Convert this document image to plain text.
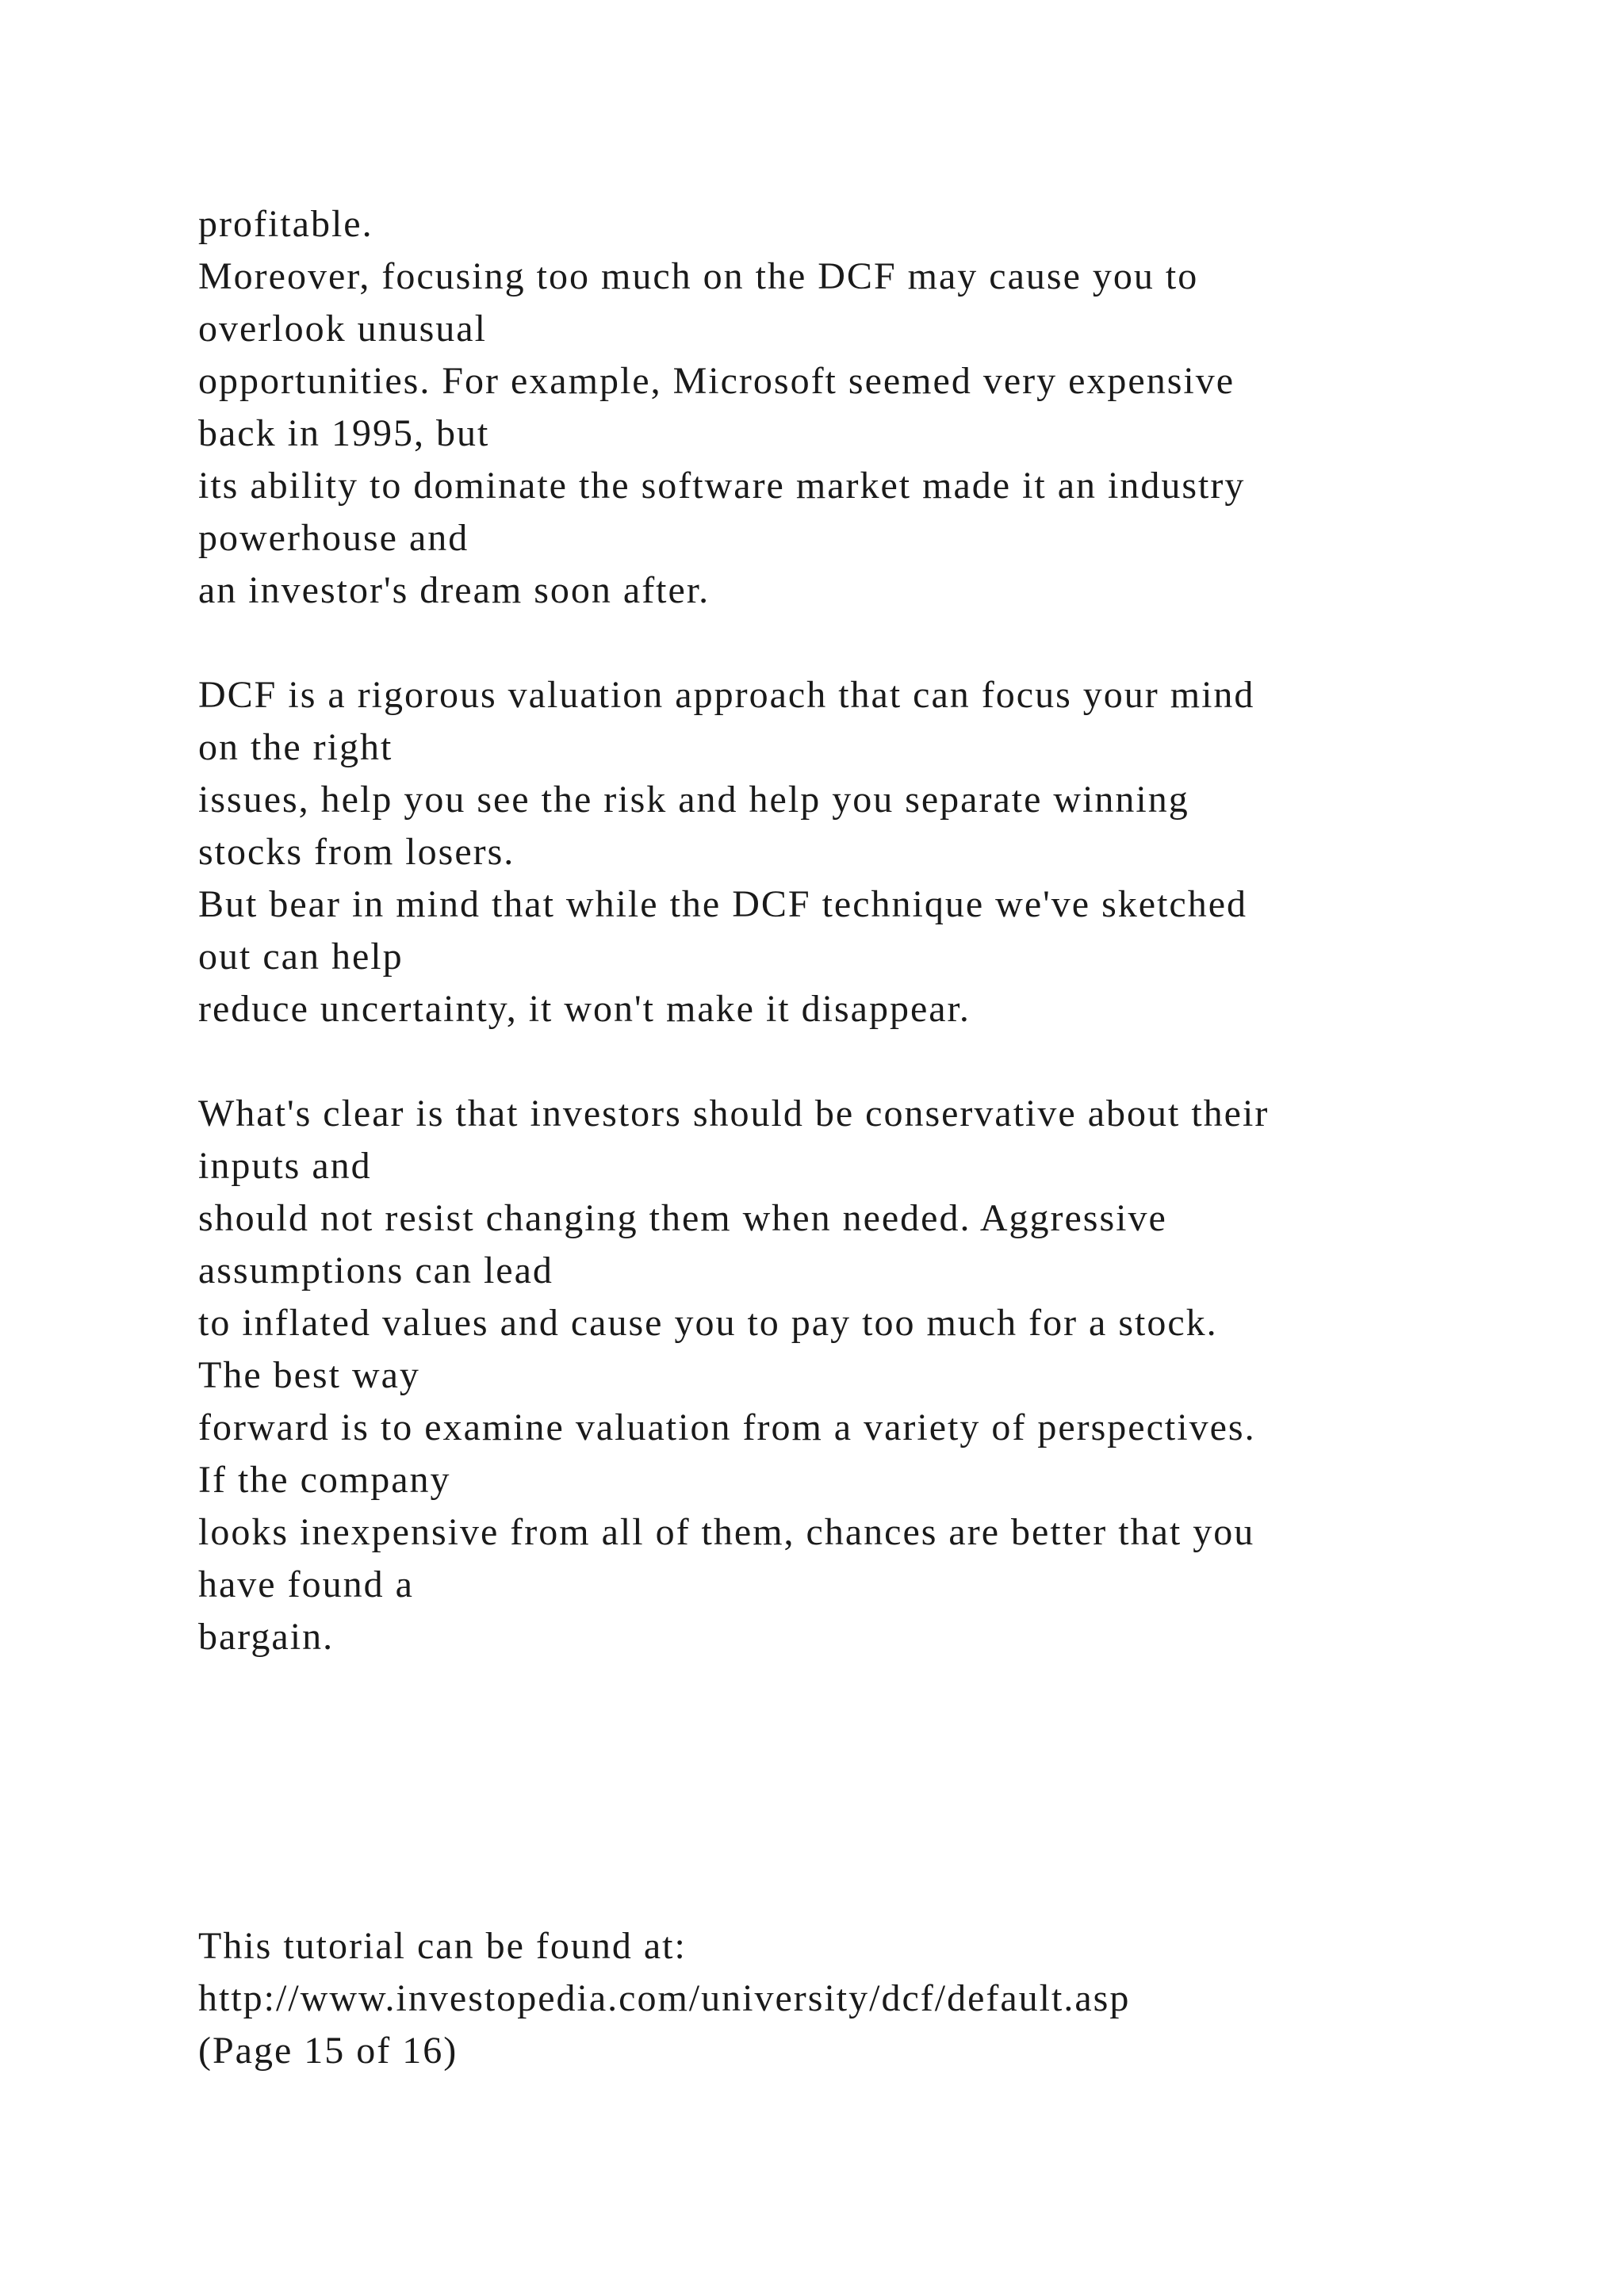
profitable.
Moreover, focusing too much on the DCF may cause you to
overlook unusual
opportunities. For example, Microsoft seemed very expensive
back in 1995, but
its ability to dominate the software market made it an industry
powerhouse and
an investor's dream soon after.
DCF is a rigorous valuation approach that can focus your mind
on the right
issues, help you see the risk and help you separate winning
stocks from losers.
But bear in mind that while the DCF technique we've sketched
out can help
reduce uncertainty, it won't make it disappear.
What's clear is that investors should be conservative about their
inputs and
should not resist changing them when needed. Aggressive
assumptions can lead
to inflated values and cause you to pay too much for a stock.
The best way
forward is to examine valuation from a variety of perspectives.
If the company
looks inexpensive from all of them, chances are better that you
have found a
bargain.
This tutorial can be found at:
http://www.investopedia.com/university/dcf/default.asp
(Page 15 of 16)
